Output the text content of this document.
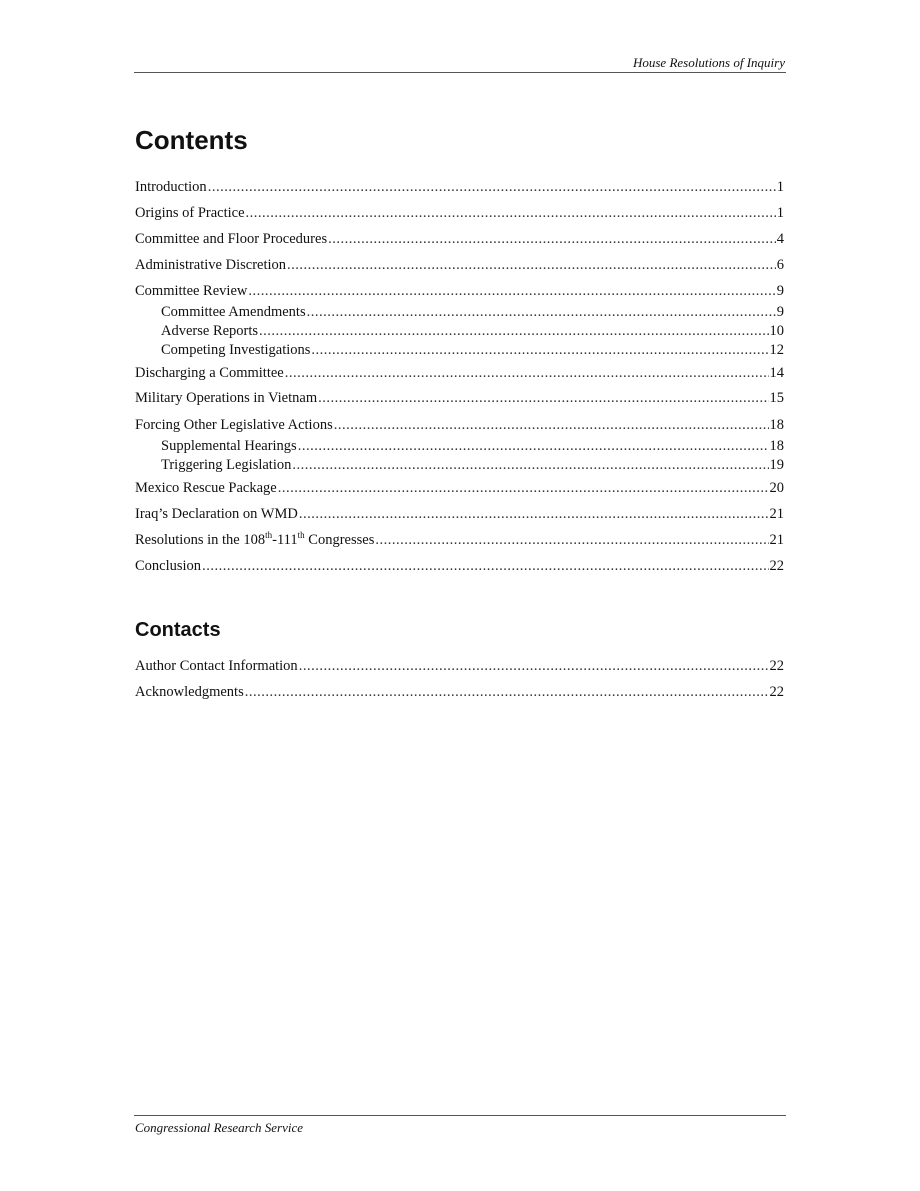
House Resolutions of Inquiry
Contents
Introduction .....	1
Origins of Practice .....	1
Committee and Floor Procedures .....	4
Administrative Discretion .....	6
Committee Review .....	9
Committee Amendments .....	9
Adverse Reports .....	10
Competing Investigations .....	12
Discharging a Committee .....	14
Military Operations in Vietnam .....	15
Forcing Other Legislative Actions .....	18
Supplemental Hearings .....	18
Triggering Legislation .....	19
Mexico Rescue Package .....	20
Iraq’s Declaration on WMD .....	21
Resolutions in the 108th-111th Congresses .....	21
Conclusion .....	22
Contacts
Author Contact Information .....	22
Acknowledgments .....	22
Congressional Research Service
